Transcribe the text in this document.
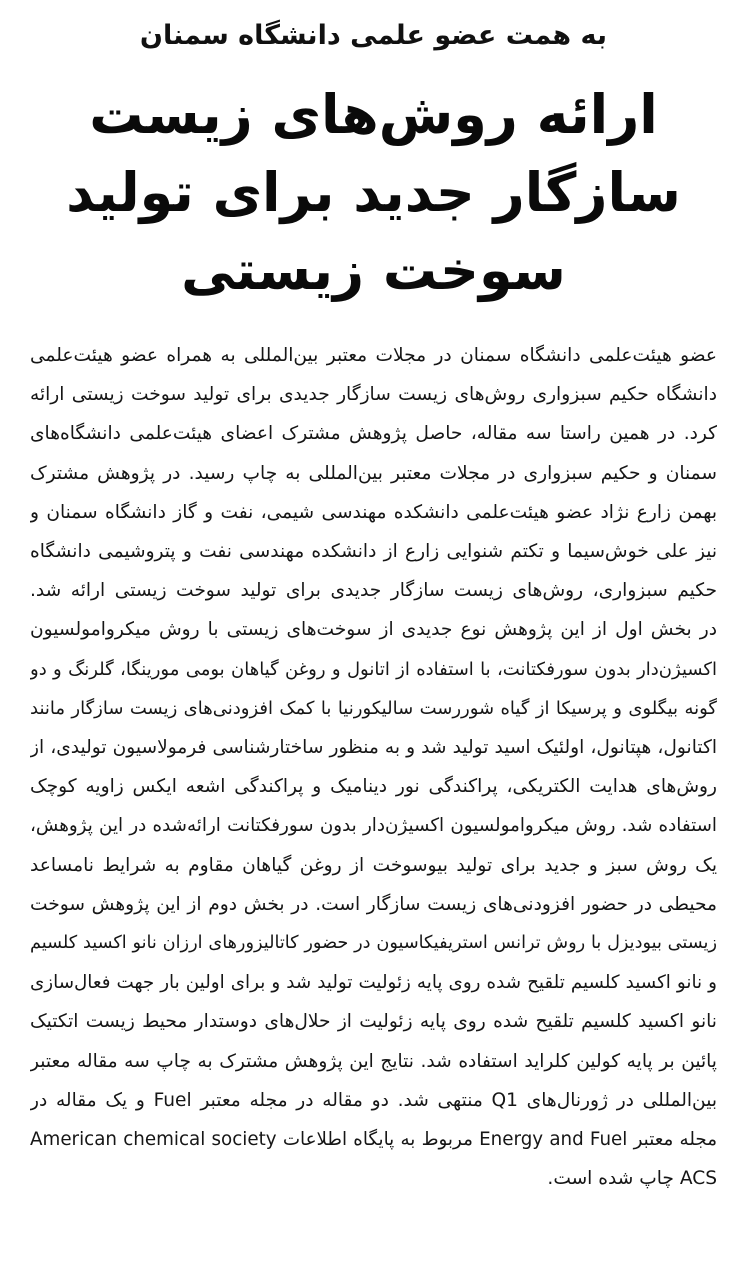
به همت عضو علمی دانشگاه سمنان
ارائه روش‌های زیست
سازگار جدید برای تولید
سوخت زیستی
عضو هیئت‌علمی دانشگاه سمنان در مجلات معتبر بین‌المللی به همراه عضو هیئت‌علمی
دانشگاه حکیم سبزواری روش‌های زیست سازگار جدیدی برای تولید سوخت زیستی ارائه
کرد. در همین راستا سه مقاله، حاصل پژوهش مشترک اعضای هیئت‌علمی دانشگاه‌های
سمنان و حکیم سبزواری در مجلات معتبر بین‌المللی به چاپ رسید. در پژوهش مشترک
بهمن زارع نژاد عضو هیئت‌علمی دانشکده مهندسی شیمی، نفت و گاز دانشگاه سمنان و
نیز علی خوش‌سیما و تکتم شنوایی زارع از دانشکده مهندسی نفت و پتروشیمی دانشگاه
حکیم سبزواری، روش‌های زیست سازگار جدیدی برای تولید سوخت زیستی ارائه شد.
در بخش اول از این پژوهش نوع جدیدی از سوخت‌های زیستی با روش میکروامولسیون
اکسیژن‌دار بدون سورفکتانت، با استفاده از اتانول و روغن گیاهان بومی مورینگا، گلرنگ و دو
گونه بیگلوی و پرسیکا از گیاه شوررست سالیکورنیا با کمک افزودنی‌های زیست سازگار مانند
اکتانول، هپتانول، اولئیک اسید تولید شد و به منظور ساختارشناسی فرمولاسیون تولیدی، از
روش‌های هدایت الکتریکی، پراکندگی نور دینامیک و پراکندگی اشعه ایکس زاویه کوچک
استفاده شد. روش میکروامولسیون اکسیژن‌دار بدون سورفکتانت ارائه‌شده در این پژوهش،
یک روش سبز و جدید برای تولید بیوسوخت از روغن گیاهان مقاوم به شرایط نامساعد
محیطی در حضور افزودنی‌های زیست سازگار است. در بخش دوم از این پژوهش سوخت
زیستی بیودیزل با روش ترانس استریفیکاسیون در حضور کاتالیزورهای ارزان نانو اکسید کلسیم
و نانو اکسید کلسیم تلقیح شده روی پایه زئولیت تولید شد و برای اولین بار جهت فعال‌سازی
نانو اکسید کلسیم تلقیح شده روی پایه زئولیت از حلال‌های دوستدار محیط زیست اتکتیک
پائین بر پایه کولین کلراید استفاده شد. نتایج این پژوهش مشترک به چاپ سه مقاله معتبر
بین‌المللی در ژورنال‌های Q1 منتهی شد. دو مقاله در مجله معتبر Fuel و یک مقاله در
مجله معتبر Energy and Fuel مربوط به پایگاه اطلاعات American chemical society
ACS چاپ شده است.
